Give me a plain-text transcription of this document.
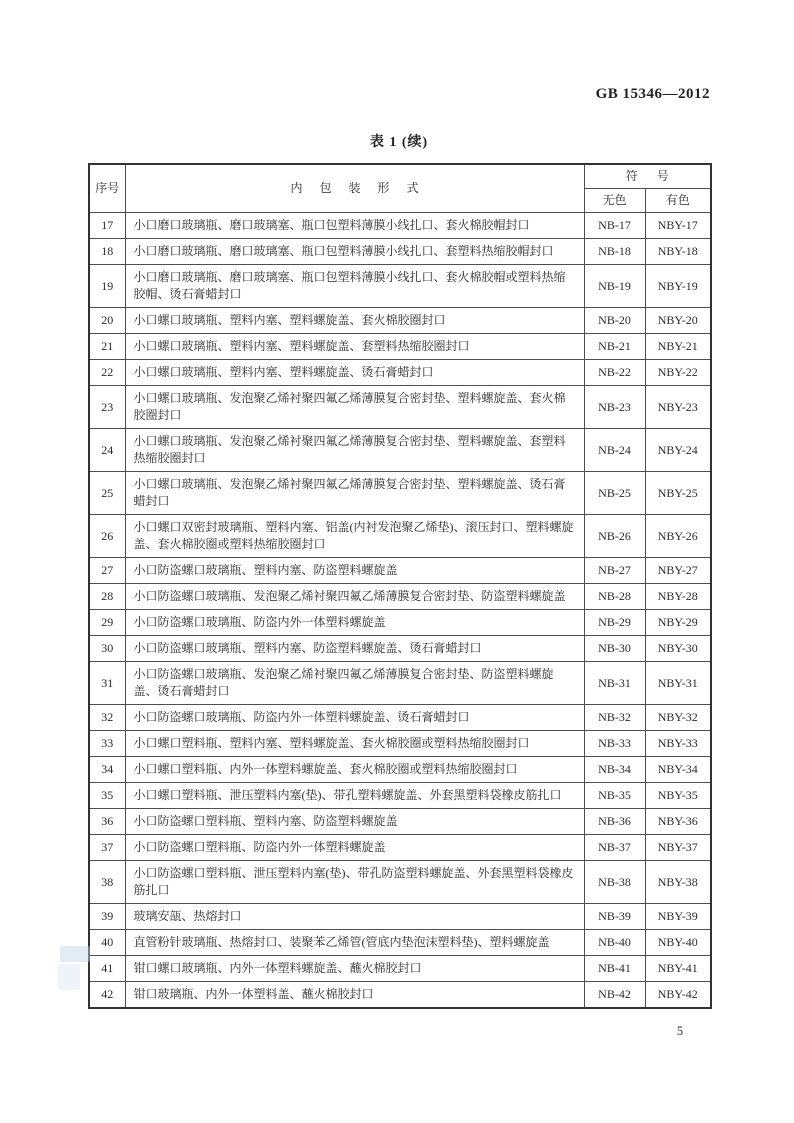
GB 15346—2012
表 1 (续)
序号	内 包 装 形 式	符 号	
		无色	有色
17	小口磨口玻璃瓶、磨口玻璃塞、瓶口包塑料薄膜小线扎口、套火棉胶帽封口	NB-17	NBY-17
18	小口磨口玻璃瓶、磨口玻璃塞、瓶口包塑料薄膜小线扎口、套塑料热缩胶帽封口	NB-18	NBY-18
19	小口磨口玻璃瓶、磨口玻璃塞、瓶口包塑料薄膜小线扎口、套火棉胶帽或塑料热缩胶帽、烫石膏蜡封口	NB-19	NBY-19
20	小口螺口玻璃瓶、塑料内塞、塑料螺旋盖、套火棉胶圈封口	NB-20	NBY-20
21	小口螺口玻璃瓶、塑料内塞、塑料螺旋盖、套塑料热缩胶圈封口	NB-21	NBY-21
22	小口螺口玻璃瓶、塑料内塞、塑料螺旋盖、烫石膏蜡封口	NB-22	NBY-22
23	小口螺口玻璃瓶、发泡聚乙烯衬聚四氟乙烯薄膜复合密封垫、塑料螺旋盖、套火棉胶圈封口	NB-23	NBY-23
24	小口螺口玻璃瓶、发泡聚乙烯衬聚四氟乙烯薄膜复合密封垫、塑料螺旋盖、套塑料热缩胶圈封口	NB-24	NBY-24
25	小口螺口玻璃瓶、发泡聚乙烯衬聚四氟乙烯薄膜复合密封垫、塑料螺旋盖、烫石膏蜡封口	NB-25	NBY-25
26	小口螺口双密封玻璃瓶、塑料内塞、铝盖(内衬发泡聚乙烯垫)、滚压封口、塑料螺旋盖、套火棉胶圈或塑料热缩胶圈封口	NB-26	NBY-26
27	小口防盗螺口玻璃瓶、塑料内塞、防盗塑料螺旋盖	NB-27	NBY-27
28	小口防盗螺口玻璃瓶、发泡聚乙烯衬聚四氟乙烯薄膜复合密封垫、防盗塑料螺旋盖	NB-28	NBY-28
29	小口防盗螺口玻璃瓶、防盗内外一体塑料螺旋盖	NB-29	NBY-29
30	小口防盗螺口玻璃瓶、塑料内塞、防盗塑料螺旋盖、烫石膏蜡封口	NB-30	NBY-30
31	小口防盗螺口玻璃瓶、发泡聚乙烯衬聚四氟乙烯薄膜复合密封垫、防盗塑料螺旋盖、烫石膏蜡封口	NB-31	NBY-31
32	小口防盗螺口玻璃瓶、防盗内外一体塑料螺旋盖、烫石膏蜡封口	NB-32	NBY-32
33	小口螺口塑料瓶、塑料内塞、塑料螺旋盖、套火棉胶圈或塑料热缩胶圈封口	NB-33	NBY-33
34	小口螺口塑料瓶、内外一体塑料螺旋盖、套火棉胶圈或塑料热缩胶圈封口	NB-34	NBY-34
35	小口螺口塑料瓶、泄压塑料内塞(垫)、带孔塑料螺旋盖、外套黑塑料袋橡皮筋扎口	NB-35	NBY-35
36	小口防盗螺口塑料瓶、塑料内塞、防盗塑料螺旋盖	NB-36	NBY-36
37	小口防盗螺口塑料瓶、防盗内外一体塑料螺旋盖	NB-37	NBY-37
38	小口防盗螺口塑料瓶、泄压塑料内塞(垫)、带孔防盗塑料螺旋盖、外套黑塑料袋橡皮筋扎口	NB-38	NBY-38
39	玻璃安瓿、热熔封口	NB-39	NBY-39
40	直管粉针玻璃瓶、热熔封口、装聚苯乙烯管(管底内垫泡沫塑料垫)、塑料螺旋盖	NB-40	NBY-40
41	钳口螺口玻璃瓶、内外一体塑料螺旋盖、蘸火棉胶封口	NB-41	NBY-41
42	钳口玻璃瓶、内外一体塑料盖、蘸火棉胶封口	NB-42	NBY-42
5
